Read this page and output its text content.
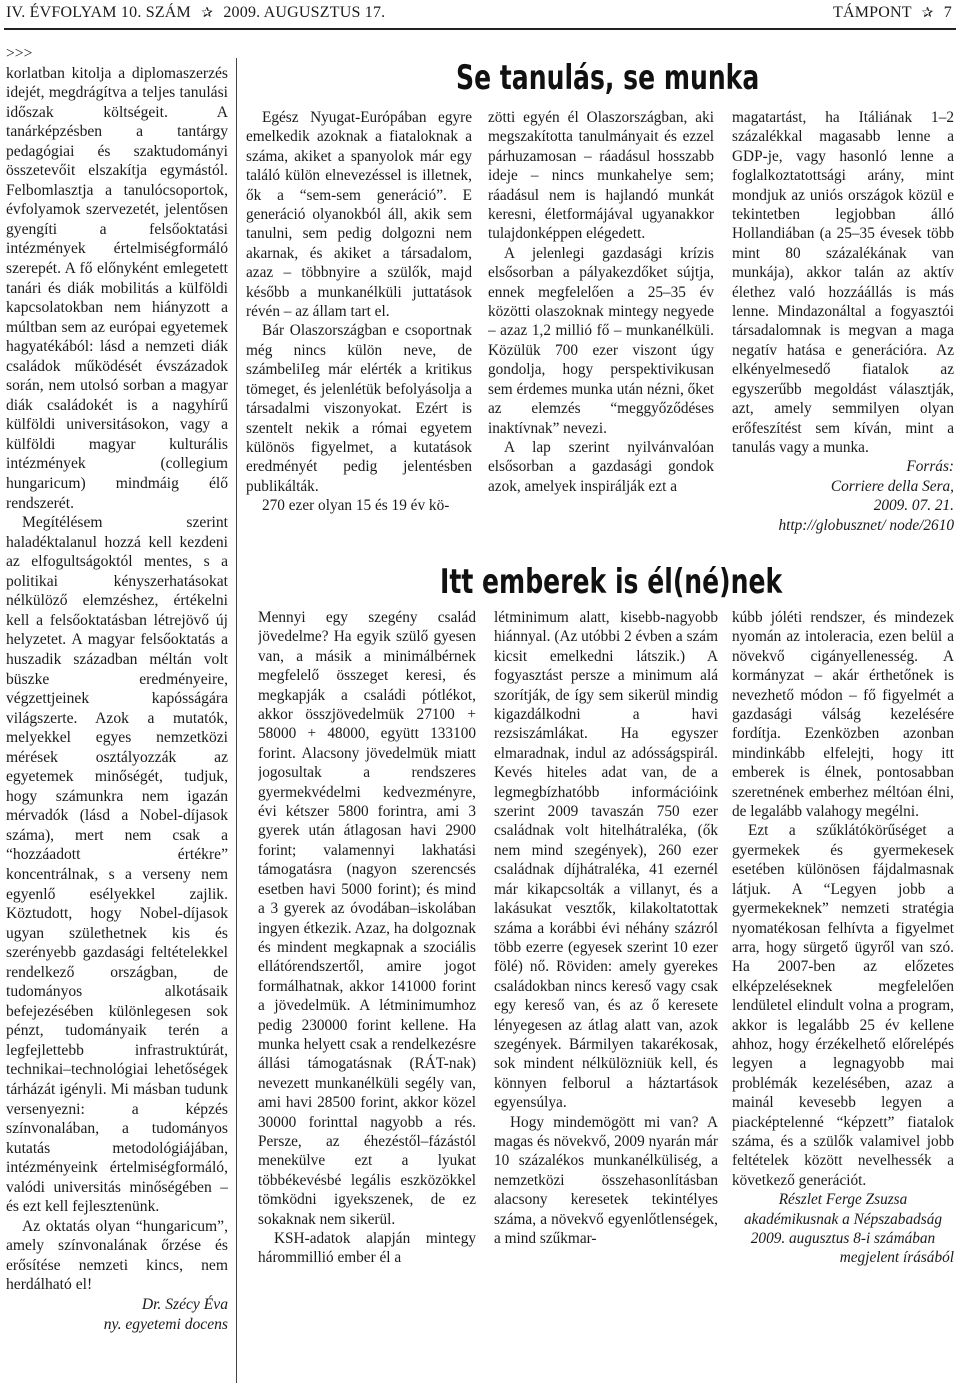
IV. ÉVFOLYAM 10. SZÁM ✰ 2009. AUGUSZTUS 17.	TÁMPONT ✰ 7

>>>

korlatban kitolja a diplomaszerzés idejét, megdrágítva a teljes tanulási időszak költségeit. A tanárképzésben a tantárgy pedagógiai és szaktudományi összetevőit elszakítja egymástól. Felbomlasztja a tanulócsoportok, évfolyamok szervezetét, jelentősen gyengíti a felsőoktatási intézmények értelmiségformáló szerepét. A fő előnyként emlegetett tanári és diák mobilitás a külföldi kapcsolatokban nem hiányzott a múltban sem az európai egyetemek hagyatékából: lásd a nemzeti diák családok működését évszázadok során, nem utolsó sorban a magyar diák családokét is a nagyhírű külföldi universitásokon, vagy a külföldi magyar kulturális intézmények (collegium hungaricum) mindmáig élő rendszerét.

Megítélésem szerint haladéktalanul hozzá kell kezdeni az elfogultságoktól mentes, s a politikai kényszerhatásokat nélkülöző elemzéshez, értékelni kell a felsőoktatásban létrejövő új helyzetet. A magyar felsőoktatás a huszadik században méltán volt büszke eredményeire, végzettjeinek kapósságára világszerte. Azok a mutatók, melyekkel egyes nemzetközi mérések osztályozzák az egyetemek minőségét, tudjuk, hogy számunkra nem igazán mérvadók (lásd a Nobel-díjasok száma), mert nem csak a “hozzáadott értékre” koncentrálnak, s a verseny nem egyenlő esélyekkel zajlik. Köztudott, hogy Nobel-díjasok ugyan születhetnek kis és szerényebb gazdasági feltételekkel rendelkező országban, de tudományos alkotásaik befejezésében különlegesen sok pénzt, tudományaik terén a legfejlettebb infrastruktúrát, technikai–technológiai lehetőségek tárházát igényli. Mi másban tudunk versenyezni: a képzés színvonalában, a tudományos kutatás metodológiájában, intézményeink értelmiségformáló, valódi universitás minőségében – és ezt kell fejlesztenünk.

Az oktatás olyan “hungaricum”, amely színvonalának őrzése és erősítése nemzeti kincs, nem herdálható el!

Dr. Szécy Éva

ny. egyetemi docens

Se tanulás, se munka

Egész Nyugat-Európában egyre emelkedik azoknak a fiataloknak a száma, akiket a spanyolok már egy találó külön elnevezéssel is illetnek, ők a “sem-sem generáció”. E generáció olyanokból áll, akik sem tanulni, sem pedig dolgozni nem akarnak, és akiket a társadalom, azaz – többnyire a szülők, majd később a munkanélküli juttatások révén – az állam tart el.

Bár Olaszországban e csoportnak még nincs külön neve, de számbeliIeg már elérték a kritikus tömeget, és jelenlétük befolyásolja a társadalmi viszonyokat. Ezért is szentelt nekik a római egyetem különös figyelmet, a kutatások eredményét pedig jelentésben publikálták.

270 ezer olyan 15 és 19 év kö-

zötti egyén él Olaszországban, aki megszakította tanulmányait és ezzel párhuzamosan – ráadásul hosszabb ideje – nincs munkahelye sem; ráadásul nem is hajlandó munkát keresni, életformájával ugyanakkor tulajdonképpen elégedett.

A jelenlegi gazdasági krízis elsősorban a pályakezdőket sújtja, ennek megfelelően a 25–35 év közötti olaszoknak mintegy negyede – azaz 1,2 millió fő – munkanélküli. Közülük 700 ezer viszont úgy gondolja, hogy perspektivikusan sem érdemes munka után nézni, őket az elemzés “meggyőződéses inaktívnak” nevezi.

A lap szerint nyilvánvalóan elsősorban a gazdasági gondok azok, amelyek inspirálják ezt a

magatartást, ha Itáliának 1–2 százalékkal magasabb lenne a GDP-je, vagy hasonló lenne a foglalkoztatottsági arány, mint mondjuk az uniós országok közül e tekintetben legjobban álló Hollandiában (a 25–35 évesek több mint 80 százalékának van munkája), akkor talán az aktív élethez való hozzáállás is más lenne. Mindazonáltal a fogyasztói társadalomnak is megvan a maga negatív hatása e generációra. Az elkényelmesedő fiatalok az egyszerűbb megoldást választják, azt, amely semmilyen olyan erőfeszítést sem kíván, mint a tanulás vagy a munka.

Forrás:

Corriere della Sera,

2009. 07. 21.

http://globusznet/ node/2610

Itt emberek is él(né)nek

Mennyi egy szegény család jövedelme? Ha egyik szülő gyesen van, a másik a minimálbérnek megfelelő összeget keresi, és megkapják a családi pótlékot, akkor összjövedelmük 27100 + 58000 + 48000, együtt 133100 forint. Alacsony jövedelmük miatt jogosultak a rendszeres gyermekvédelmi kedvezményre, évi kétszer 5800 forintra, ami 3 gyerek után átlagosan havi 2900 forint; valamennyi lakhatási támogatásra (nagyon szerencsés esetben havi 5000 forint); és mind a 3 gyerek az óvodában–iskolában ingyen étkezik. Azaz, ha dolgoznak és mindent megkapnak a szociális ellátórendszertől, amire jogot formálhatnak, akkor 141000 forint a jövedelmük. A létminimumhoz pedig 230000 forint kellene. Ha munka helyett csak a rendelkezésre állási támogatásnak (RÁT-nak) nevezett munkanélküli segély van, ami havi 28500 forint, akkor közel 30000 forinttal nagyobb a rés. Persze, az éhezéstől–fázástól menekülve ezt a lyukat többékevésbé legális eszközökkel tömködni igyekszenek, de ez sokaknak nem sikerül.

KSH-adatok alapján mintegy hárommillió ember él a

létminimum alatt, kisebb-nagyobb hiánnyal. (Az utóbbi 2 évben a szám kicsit emelkedni látszik.) A fogyasztást persze a minimum alá szorítják, de így sem sikerül mindig kigazdálkodni a havi rezsiszámlákat. Ha egyszer elmaradnak, indul az adósságspirál. Kevés hiteles adat van, de a legmegbízhatóbb információink szerint 2009 tavaszán 750 ezer családnak volt hitelhátraléka, (ők nem mind szegények), 260 ezer családnak díjhátraléka, 41 ezernél már kikapcsolták a villanyt, és a lakásukat vesztők, kilakoltatottak száma a korábbi évi néhány százról több ezerre (egyesek szerint 10 ezer fölé) nő. Röviden: amely gyerekes családokban nincs kereső vagy csak egy kereső van, és az ő keresete lényegesen az átlag alatt van, azok szegények. Bármilyen takarékosak, sok mindent nélkülözniük kell, és könnyen felborul a háztartások egyensúlya.

Hogy mindemögött mi van? A magas és növekvő, 2009 nyarán már 10 százalékos munkanélküliség, a nemzetközi összehasonlításban alacsony keresetek tekintélyes száma, a növekvő egyenlőtlenségek, a mind szűkmar-

kúbb jóléti rendszer, és mindezek nyomán az intoleracia, ezen belül a növekvő cigányellenesség. A kormányzat – akár érthetőnek is nevezhető módon – fő figyelmét a gazdasági válság kezelésére fordítja. Ezenközben azonban mindinkább elfelejti, hogy itt emberek is élnek, pontosabban szeretnének emberhez méltóan élni, de legalább valahogy megélni.

Ezt a szűklátókörűséget a gyermekek és gyermekesek esetében különösen fájdalmasnak látjuk. A “Legyen jobb a gyermekeknek” nemzeti stratégia nyomatékosan felhívta a figyelmet arra, hogy sürgető ügyről van szó. Ha 2007-ben az előzetes elképzeléseknek megfelelően lendületel elindult volna a program, akkor is legalább 25 év kellene ahhoz, hogy érzékelhető előrelépés legyen a legnagyobb mai problémák kezelésében, azaz a mainál kevesebb legyen a piacképtelenné “képzett” fiatalok száma, és a szülők valamivel jobb feltételek között nevelhessék a következő generációt.

Részlet Ferge Zsuzsa

akadémikusnak a Népszabadság

2009. augusztus 8-i számában

megjelent írásából
